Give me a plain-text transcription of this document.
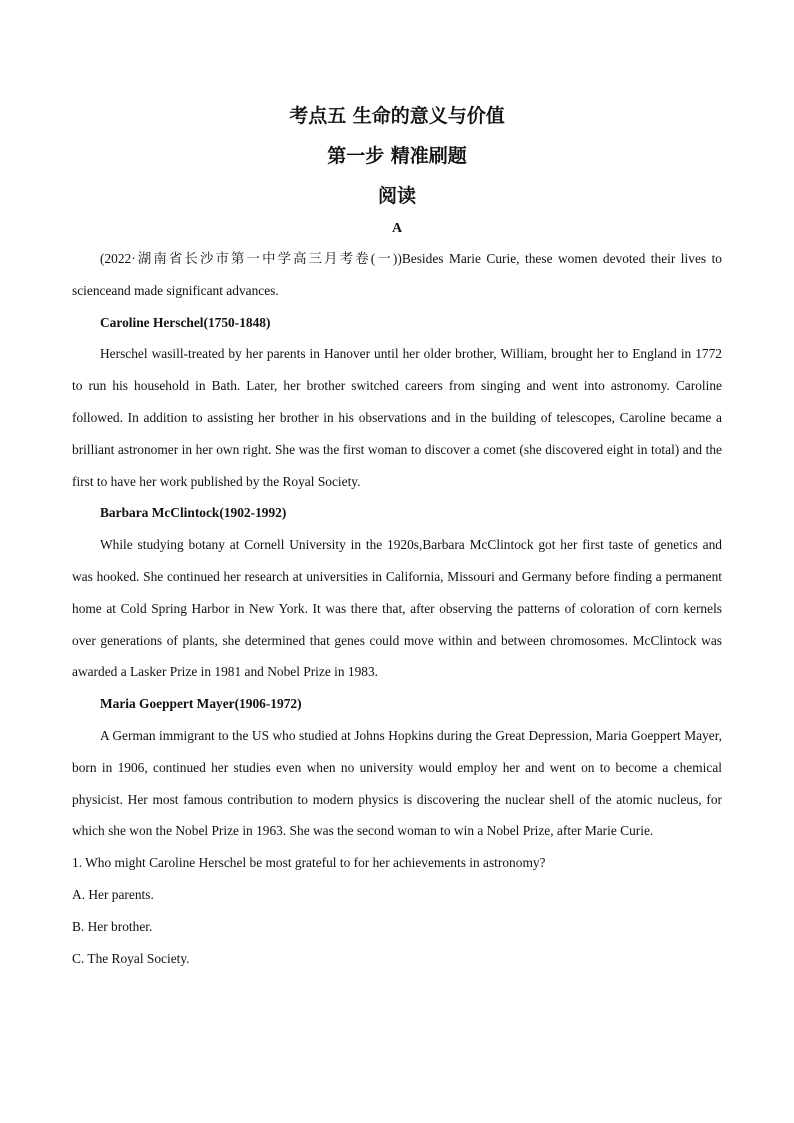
考点五 生命的意义与价值
第一步 精准刷题
阅读
A

(2022·湖南省长沙市第一中学高三月考卷(一))Besides Marie Curie, these women devoted their lives to scienceand made significant advances.

Caroline Herschel(1750-1848)

Herschel wasill-treated by her parents in Hanover until her older brother, William, brought her to England in 1772 to run his household in Bath. Later, her brother switched careers from singing and went into astronomy. Caroline followed. In addition to assisting her brother in his observations and in the building of telescopes, Caroline became a brilliant astronomer in her own right. She was the first woman to discover a comet (she discovered eight in total) and the first to have her work published by the Royal Society.

Barbara McClintock(1902-1992)

While studying botany at Cornell University in the 1920s,Barbara McClintock got her first taste of genetics and was hooked. She continued her research at universities in California, Missouri and Germany before finding a permanent home at Cold Spring Harbor in New York. It was there that, after observing the patterns of coloration of corn kernels over generations of plants, she determined that genes could move within and between chromosomes. McClintock was awarded a Lasker Prize in 1981 and Nobel Prize in 1983.

Maria Goeppert Mayer(1906-1972)

A German immigrant to the US who studied at Johns Hopkins during the Great Depression, Maria Goeppert Mayer, born in 1906, continued her studies even when no university would employ her and went on to become a chemical physicist. Her most famous contribution to modern physics is discovering the nuclear shell of the atomic nucleus, for which she won the Nobel Prize in 1963. She was the second woman to win a Nobel Prize, after Marie Curie.

1. Who might Caroline Herschel be most grateful to for her achievements in astronomy?

A. Her parents.

B. Her brother.

C. The Royal Society.
